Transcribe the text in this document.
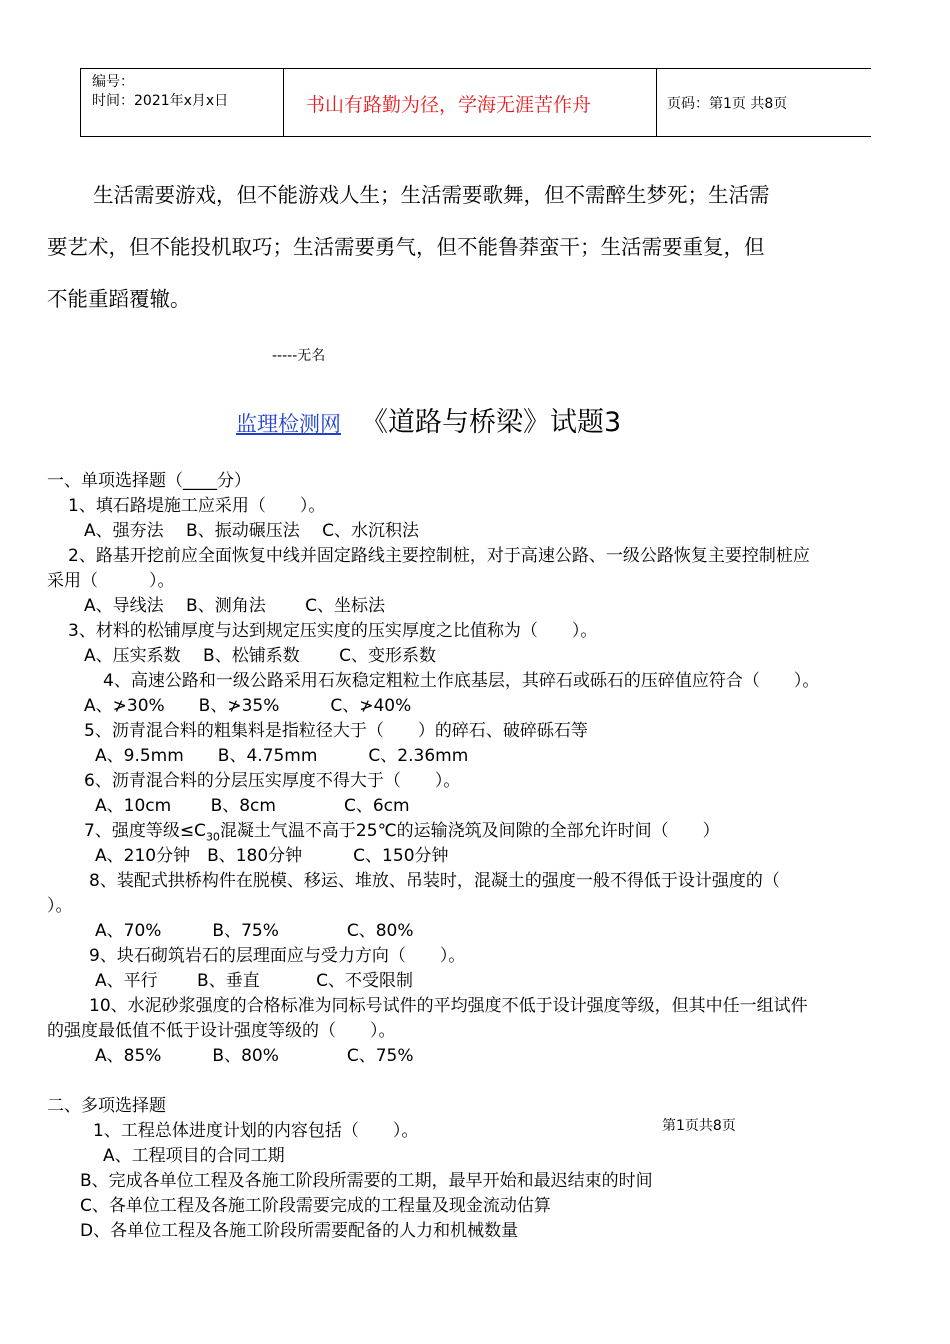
编号：
时间：2021年x月x日	书山有路勤为径，学海无涯苦作舟	页码：第1页 共8页
生活需要游戏，但不能游戏人生；生活需要歌舞，但不需醉生梦死；生活需
要艺术，但不能投机取巧；生活需要勇气，但不能鲁莽蛮干；生活需要重复，但
不能重蹈覆辙。
-----无名
监理检测网 《道路与桥梁》试题3
一、单项选择题（____分）
1、填石路堤施工应采用（　　）。
A、强夯法　 B、振动碾压法　 C、水沉积法
2、路基开挖前应全面恢复中线并固定路线主要控制桩，对于高速公路、一级公路恢复主要控制桩应
采用（　　　）。
A、导线法　 B、测角法　　 C、坐标法
3、材料的松铺厚度与达到规定压实度的压实厚度之比值称为（　　）。
A、压实系数　 B、松铺系数　　 C、变形系数
4、高速公路和一级公路采用石灰稳定粗粒土作底基层，其碎石或砾石的压碎值应符合（　　）。
A、≯30%　　B、≯35%　　　C、≯40%
5、沥青混合料的粗集料是指粒径大于（　　）的碎石、破碎砾石等
A、9.5mm　　B、4.75mm　　　C、2.36mm
6、沥青混合料的分层压实厚度不得大于（　　）。
A、10cm　　 B、8cm　　　　C、6cm
7、强度等级$\le C_{30}$混凝土气温不高于25℃的运输浇筑及间隙的全部允许时间（　　）
A、210分钟　B、180分钟　　　C、150分钟
8、装配式拱桥构件在脱模、移运、堆放、吊装时，混凝土的强度一般不得低于设计强度的（
）。
A、70%　　　B、75%　　　　C、80%
9、块石砌筑岩石的层理面应与受力方向（　　）。
A、平行　　 B、垂直　　　 C、不受限制
10、水泥砂浆强度的合格标准为同标号试件的平均强度不低于设计强度等级，但其中任一组试件
的强度最低值不低于设计强度等级的（　　）。
A、85%　　　B、80%　　　　C、75%
二、多项选择题
1、工程总体进度计划的内容包括（　　）。	第1页共8页
A、工程项目的合同工期
B、完成各单位工程及各施工阶段所需要的工期，最早开始和最迟结束的时间
C、各单位工程及各施工阶段需要完成的工程量及现金流动估算
D、各单位工程及各施工阶段所需要配备的人力和机械数量
